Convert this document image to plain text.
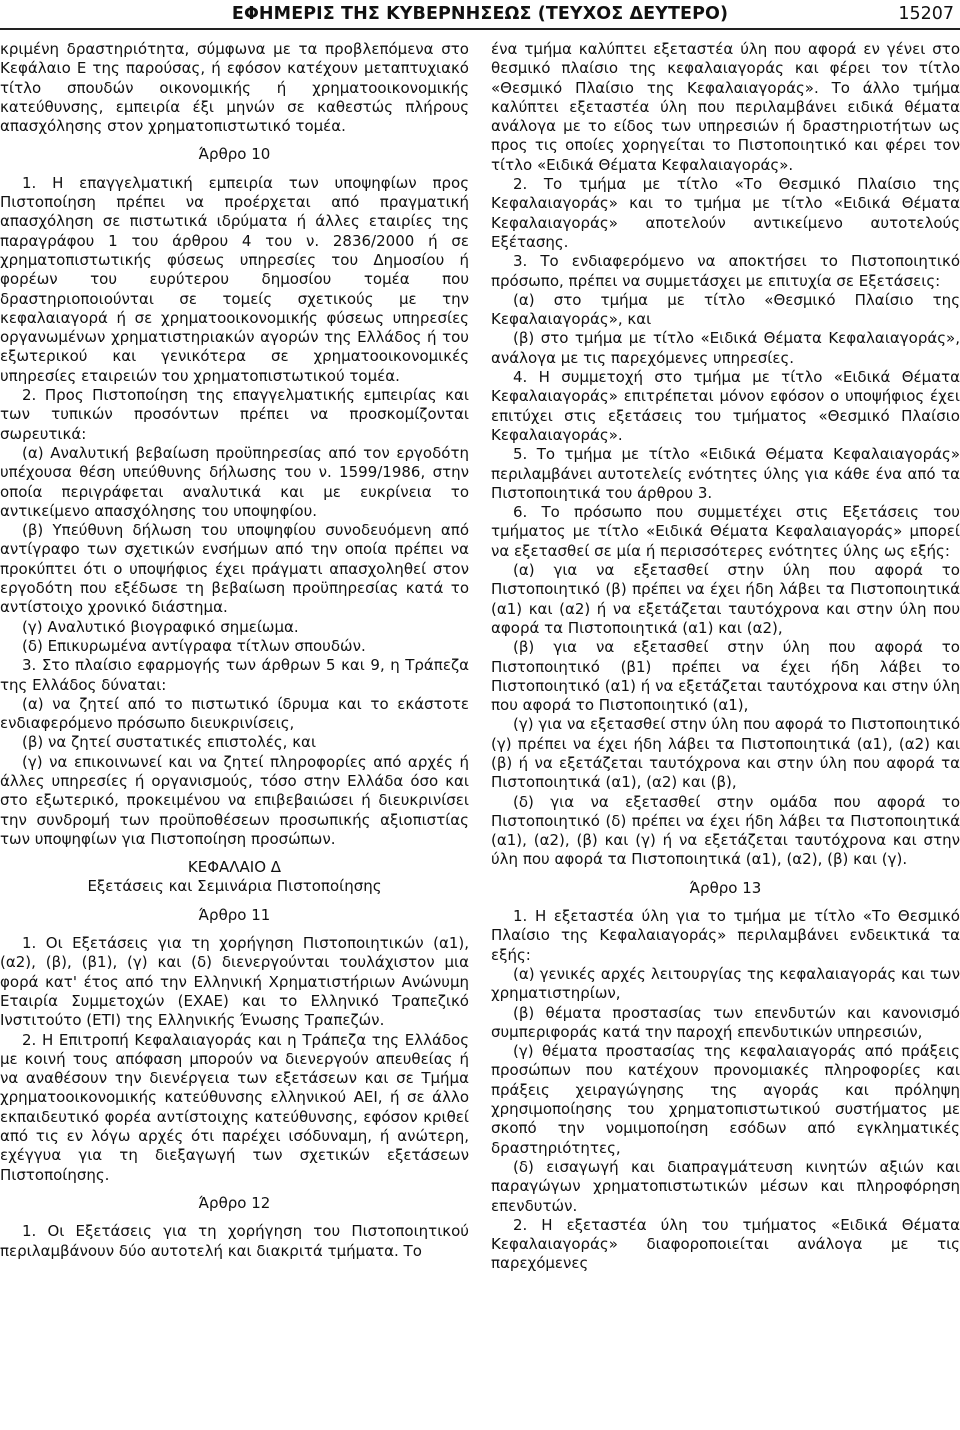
ΕΦΗΜΕΡΙΣ ΤΗΣ ΚΥΒΕΡΝΗΣΕΩΣ (ΤΕΥΧΟΣ ΔΕΥΤΕΡΟ)	15207

κριμένη δραστηριότητα, σύμφωνα με τα προβλεπόμενα στο Κεφάλαιο Ε της παρούσας, ή εφόσον κατέχουν μεταπτυχιακό τίτλο σπουδών οικονομικής ή χρηματοοικονομικής κατεύθυνσης, εμπειρία έξι μηνών σε καθεστώς πλήρους απασχόλησης στον χρηματοπιστωτικό τομέα.

Άρθρο 10

1. Η επαγγελματική εμπειρία των υποψηφίων προς Πιστοποίηση πρέπει να προέρχεται από πραγματική απασχόληση σε πιστωτικά ιδρύματα ή άλλες εταιρίες της παραγράφου 1 του άρθρου 4 του ν. 2836/2000 ή σε χρηματοπιστωτικής φύσεως υπηρεσίες του Δημοσίου ή φορέων του ευρύτερου δημοσίου τομέα που δραστηριοποιούνται σε τομείς σχετικούς με την κεφαλαιαγορά ή σε χρηματοοικονομικής φύσεως υπηρεσίες οργανωμένων χρηματιστηριακών αγορών της Ελλάδος ή του εξωτερικού και γενικότερα σε χρηματοοικονομικές υπηρεσίες εταιρειών του χρηματοπιστωτικού τομέα.

2. Προς Πιστοποίηση της επαγγελματικής εμπειρίας και των τυπικών προσόντων πρέπει να προσκομίζονται σωρευτικά:

(α) Αναλυτική βεβαίωση προϋπηρεσίας από τον εργοδότη υπέχουσα θέση υπεύθυνης δήλωσης του ν. 1599/1986, στην οποία περιγράφεται αναλυτικά και με ευκρίνεια το αντικείμενο απασχόλησης του υποψηφίου.

(β) Υπεύθυνη δήλωση του υποψηφίου συνοδευόμενη από αντίγραφο των σχετικών ενσήμων από την οποία πρέπει να προκύπτει ότι ο υποψήφιος έχει πράγματι απασχοληθεί στον εργοδότη που εξέδωσε τη βεβαίωση προϋπηρεσίας κατά το αντίστοιχο χρονικό διάστημα.

(γ) Αναλυτικό βιογραφικό σημείωμα.

(δ) Επικυρωμένα αντίγραφα τίτλων σπουδών.

3. Στο πλαίσιο εφαρμογής των άρθρων 5 και 9, η Τράπεζα της Ελλάδος δύναται:

(α) να ζητεί από το πιστωτικό ίδρυμα και το εκάστοτε ενδιαφερόμενο πρόσωπο διευκρινίσεις,

(β) να ζητεί συστατικές επιστολές, και

(γ) να επικοινωνεί και να ζητεί πληροφορίες από αρχές ή άλλες υπηρεσίες ή οργανισμούς, τόσο στην Ελλάδα όσο και στο εξωτερικό, προκειμένου να επιβεβαιώσει ή διευκρινίσει την συνδρομή των προϋποθέσεων προσωπικής αξιοπιστίας των υποψηφίων για Πιστοποίηση προσώπων.

ΚΕΦΑΛΑΙΟ Δ

Εξετάσεις και Σεμινάρια Πιστοποίησης

Άρθρο 11

1. Οι Εξετάσεις για τη χορήγηση Πιστοποιητικών (α1), (α2), (β), (β1), (γ) και (δ) διενεργούνται τουλάχιστον μια φορά κατ' έτος από την Ελληνική Χρηματιστήριων Ανώνυμη Εταιρία Συμμετοχών (ΕΧΑΕ) και το Ελληνικό Τραπεζικό Ινστιτούτο (ΕΤΙ) της Ελληνικής Ένωσης Τραπεζών.

2. Η Επιτροπή Κεφαλαιαγοράς και η Τράπεζα της Ελλάδος με κοινή τους απόφαση μπορούν να διενεργούν απευθείας ή να αναθέσουν την διενέργεια των εξετάσεων και σε Τμήμα χρηματοοικονομικής κατεύθυνσης ελληνικού ΑΕΙ, ή σε άλλο εκπαιδευτικό φορέα αντίστοιχης κατεύθυνσης, εφόσον κριθεί από τις εν λόγω αρχές ότι παρέχει ισόδυναμη, ή ανώτερη, εχέγγυα για τη διεξαγωγή των σχετικών εξετάσεων Πιστοποίησης.

Άρθρο 12

1. Οι Εξετάσεις για τη χορήγηση του Πιστοποιητικού περιλαμβάνουν δύο αυτοτελή και διακριτά τμήματα. Το

ένα τμήμα καλύπτει εξεταστέα ύλη που αφορά εν γένει στο θεσμικό πλαίσιο της κεφαλαιαγοράς και φέρει τον τίτλο «Θεσμικό Πλαίσιο της Κεφαλαιαγοράς». Το άλλο τμήμα καλύπτει εξεταστέα ύλη που περιλαμβάνει ειδικά θέματα ανάλογα με το είδος των υπηρεσιών ή δραστηριοτήτων ως προς τις οποίες χορηγείται το Πιστοποιητικό και φέρει τον τίτλο «Ειδικά Θέματα Κεφαλαιαγοράς».

2. Το τμήμα με τίτλο «Το Θεσμικό Πλαίσιο της Κεφαλαιαγοράς» και το τμήμα με τίτλο «Ειδικά Θέματα Κεφαλαιαγοράς» αποτελούν αντικείμενο αυτοτελούς Εξέτασης.

3. Το ενδιαφερόμενο να αποκτήσει το Πιστοποιητικό πρόσωπο, πρέπει να συμμετάσχει με επιτυχία σε Εξετάσεις:

(α) στο τμήμα με τίτλο «Θεσμικό Πλαίσιο της Κεφαλαιαγοράς», και

(β) στο τμήμα με τίτλο «Ειδικά Θέματα Κεφαλαιαγοράς», ανάλογα με τις παρεχόμενες υπηρεσίες.

4. Η συμμετοχή στο τμήμα με τίτλο «Ειδικά Θέματα Κεφαλαιαγοράς» επιτρέπεται μόνον εφόσον ο υποψήφιος έχει επιτύχει στις εξετάσεις του τμήματος «Θεσμικό Πλαίσιο Κεφαλαιαγοράς».

5. Το τμήμα με τίτλο «Ειδικά Θέματα Κεφαλαιαγοράς» περιλαμβάνει αυτοτελείς ενότητες ύλης για κάθε ένα από τα Πιστοποιητικά του άρθρου 3.

6. Το πρόσωπο που συμμετέχει στις Εξετάσεις του τμήματος με τίτλο «Ειδικά Θέματα Κεφαλαιαγοράς» μπορεί να εξετασθεί σε μία ή περισσότερες ενότητες ύλης ως εξής:

(α) για να εξετασθεί στην ύλη που αφορά το Πιστοποιητικό (β) πρέπει να έχει ήδη λάβει τα Πιστοποιητικά (α1) και (α2) ή να εξετάζεται ταυτόχρονα και στην ύλη που αφορά τα Πιστοποιητικά (α1) και (α2),

(β) για να εξετασθεί στην ύλη που αφορά το Πιστοποιητικό (β1) πρέπει να έχει ήδη λάβει το Πιστοποιητικό (α1) ή να εξετάζεται ταυτόχρονα και στην ύλη που αφορά το Πιστοποιητικό (α1),

(γ) για να εξετασθεί στην ύλη που αφορά το Πιστοποιητικό (γ) πρέπει να έχει ήδη λάβει τα Πιστοποιητικά (α1), (α2) και (β) ή να εξετάζεται ταυτόχρονα και στην ύλη που αφορά τα Πιστοποιητικά (α1), (α2) και (β),

(δ) για να εξετασθεί στην ομάδα που αφορά το Πιστοποιητικό (δ) πρέπει να έχει ήδη λάβει τα Πιστοποιητικά (α1), (α2), (β) και (γ) ή να εξετάζεται ταυτόχρονα και στην ύλη που αφορά τα Πιστοποιητικά (α1), (α2), (β) και (γ).

Άρθρο 13

1. Η εξεταστέα ύλη για το τμήμα με τίτλο «Το Θεσμικό Πλαίσιο της Κεφαλαιαγοράς» περιλαμβάνει ενδεικτικά τα εξής:

(α) γενικές αρχές λειτουργίας της κεφαλαιαγοράς και των χρηματιστηρίων,

(β) θέματα προστασίας των επενδυτών και κανονισμό συμπεριφοράς κατά την παροχή επενδυτικών υπηρεσιών,

(γ) θέματα προστασίας της κεφαλαιαγοράς από πράξεις προσώπων που κατέχουν προνομιακές πληροφορίες και πράξεις χειραγώγησης της αγοράς και πρόληψη χρησιμοποίησης του χρηματοπιστωτικού συστήματος με σκοπό την νομιμοποίηση εσόδων από εγκληματικές δραστηριότητες,

(δ) εισαγωγή και διαπραγμάτευση κινητών αξιών και παραγώγων χρηματοπιστωτικών μέσων και πληροφόρηση επενδυτών.

2. Η εξεταστέα ύλη του τμήματος «Ειδικά Θέματα Κεφαλαιαγοράς» διαφοροποιείται ανάλογα με τις παρεχόμενες
